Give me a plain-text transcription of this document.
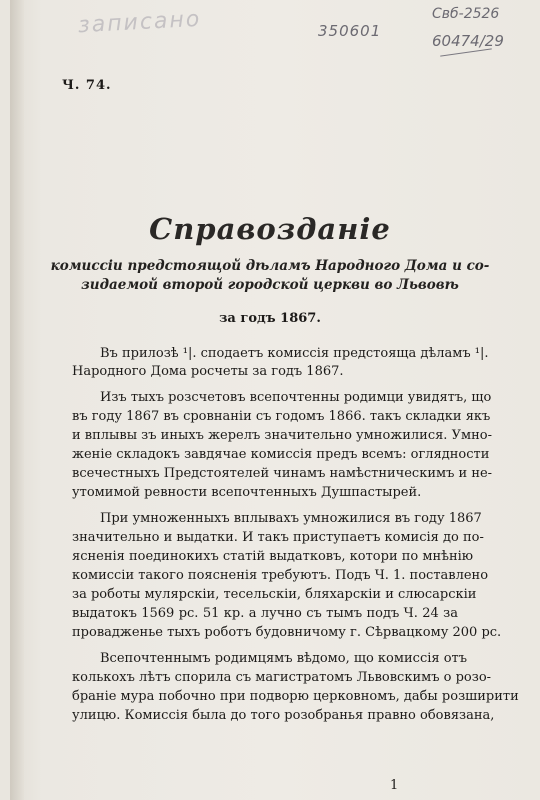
записано	350601
Свб-2526
60474/29
Ч. 74.
Справозданіе
комиссіи предстоящой дѣламъ Народного Дома и со-
зидаемой второй городской церкви во Львовѣ
за годъ 1867.
Въ прилозѣ ¹|. сподаетъ комиссія предстоящa дѣламъ ¹|.
Народного Дома росчеты за годъ 1867.
Изъ тыхъ розсчетовъ всепочтенны родимци увидятъ, що
въ году 1867 въ сровнаніи съ годомъ 1866. такъ складки якъ
и вплывы зъ иныхъ жерелъ значительно умножилися. Умно-
женіе складокъ завдячае комиссія предъ всемъ: оглядности
всечестныхъ Предстоятелей чинамъ намѣстническимъ и не-
утомимой ревности всепочтенныхъ Душпастырей.
При умноженныхъ вплывахъ умножилися въ году 1867
значительно и выдатки. И такъ приступаетъ комисія до по-
ясненія поединокихъ статій выдатковъ, котори по мнѣнію
комиссіи такого поясненія требуютъ. Подъ Ч. 1. поставлено
за роботы мулярскіи, тесельскіи, бляхарскіи и слюсарскіи
выдатокъ 1569 рс. 51 кр. а лучно съ тымъ подъ Ч. 24 за
провадженье тыхъ роботъ будовничому г. Сѣрвацкому 200 рс.
Всепочтеннымъ родимцямъ вѣдомо, що комисcія отъ
колькохъ лѣтъ спорила съ магистратомъ Львовскимъ о розо-
браніе мура побочно при подворю церковномъ, дабы розширити
улицю. Комиссія была до того розобранья правно обовязана,
1
